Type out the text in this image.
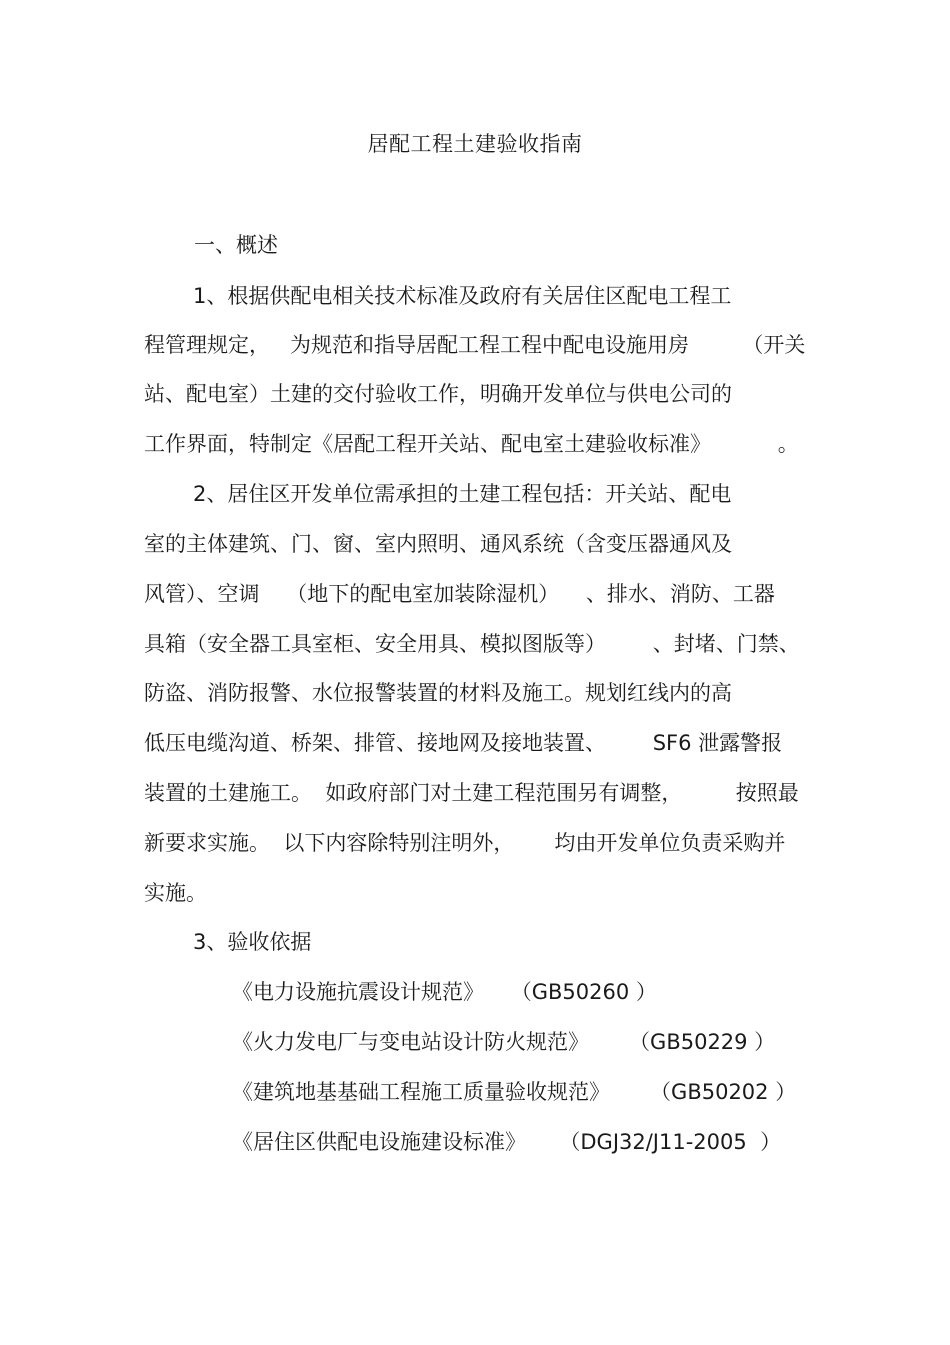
居配工程土建验收指南
一、概述
1、根据供配电相关技术标准及政府有关居住区配电工程工
程管理规定，   为规范和指导居配工程工程中配电设施用房        （开关
站、配电室）土建的交付验收工作，明确开发单位与供电公司的
工作界面，特制定《居配工程开关站、配电室土建验收标准》          。
2、居住区开发单位需承担的土建工程包括：开关站、配电
室的主体建筑、门、窗、室内照明、通风系统（含变压器通风及
风管）、空调    （地下的配电室加装除湿机）    、排水、消防、工器
具箱（安全器工具室柜、安全用具、模拟图版等）       、封堵、门禁、
防盗、消防报警、水位报警装置的材料及施工。规划红线内的高
低压电缆沟道、桥架、排管、接地网及接地装置、       SF6 泄露警报
装置的土建施工。  如政府部门对土建工程范围另有调整，        按照最
新要求实施。  以下内容除特别注明外，      均由开发单位负责采购并
实施。
3、验收依据
《电力设施抗震设计规范》    （GB50260 ）
《火力发电厂与变电站设计防火规范》      （GB50229 ）
《建筑地基基础工程施工质量验收规范》      （GB50202 ）
《居住区供配电设施建设标准》     （DGJ32/J11-2005  ）
